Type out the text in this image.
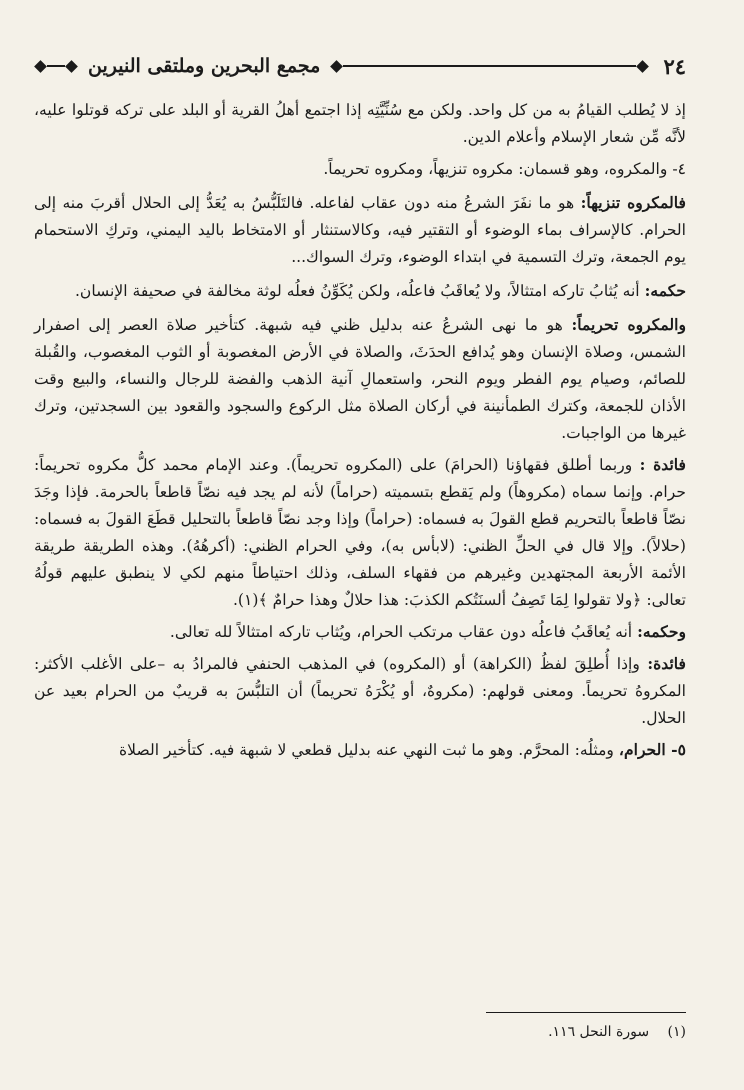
٢٤
مجمع البحرين وملتقى النيرين

إذ لا يُطلب القيامُ به من كل واحد. ولكن مع سُنِّيَّتِه إذا اجتمع أهلُ القرية أو البلد على تركه قوتلوا عليه، لأنَّه مِّن شعار الإسلام وأعلام الدين.

٤- والمكروه، وهو قسمان: مكروه تنزيهاً، ومكروه تحريماً.

فالمكروه تنزيهاً: هو ما نفَرَ الشرعُ منه دون عقاب لفاعله. فالتَلَبُّسُ به يُعَدُّ إلى الحلال أقربَ منه إلى الحرام. كالإسراف بماء الوضوء أو التقتير فيه، وكالاستنثار أو الامتخاط باليد اليمني، وتركِ الاستحمام يوم الجمعة، وترك التسمية في ابتداء الوضوء، وترك السواك...

حكمه: أنه يُثابُ تاركه امتثالاً، ولا يُعاقَبُ فاعلُه، ولكن يُكَوِّنُ فعلُه لوثة مخالفة في صحيفة الإنسان.

والمكروه تحريماً: هو ما نهى الشرعُ عنه بدليل ظني فيه شبهة. كتأخير صلاة العصر إلى اصفرار الشمس، وصلاة الإنسان وهو يُدافع الحدَثَ، والصلاة في الأرض المغصوبة أو الثوب المغصوب، والقُبلة للصائم، وصيام يوم الفطر ويوم النحر، واستعمالِ آنية الذهب والفضة للرجال والنساء، والبيع وقت الأذان للجمعة، وكترك الطمأنينة في أركان الصلاة مثل الركوع والسجود والقعود بين السجدتين، وترك غيرها من الواجبات.

فائدة : وربما أطلق فقهاؤنا (الحرامَ) على (المكروه تحريماً). وعند الإمام محمد كلُّ مكروه تحريماً: حرام. وإنما سماه (مكروهاً) ولم يَقطع بتسميته (حراماً) لأنه لم يجد فيه نصّاً قاطعاً بالحرمة. فإذا وجَدَ نصّاً قاطعاً بالتحريم قطع القولَ به فسماه: (حراماً) وإذا وجد نصّاً قاطعاً بالتحليل قطَعَ القولَ به فسماه: (حلالاً). وإلا قال في الحلِّ الظني: (لابأس به)، وفي الحرام الظني: (أكرهُهُ). وهذه الطريقة طريقة الأئمة الأربعة المجتهدين وغيرهم من فقهاء السلف، وذلك احتياطاً منهم لكي لا ينطبق عليهم قولُهُ تعالى: ﴿ولا تقولوا لِمَا تَصِفُ ألسنَتُكم الكذبَ: هذا حلالٌ وهذا حرامٌ ﴾(١).

وحكمه: أنه يُعاقَبُ فاعلُه دون عقاب مرتكب الحرام، ويُثاب تاركه امتثالاً لله تعالى.

فائدة: وإذا أُطلِقَ لفظُ (الكراهة) أو (المكروه) في المذهب الحنفي فالمرادُ به –على الأغلب الأكثر: المكروهُ تحريماً. ومعنى قولهم: (مكروهٌ، أو يُكْرَهُ تحريماً) أن التلبُّسَ به قريبٌ من الحرام بعيد عن الحلال.

٥- الحرام، ومثلُه: المحرَّم. وهو ما ثبت النهي عنه بدليل قطعي لا شبهة فيه. كتأخير الصلاة

(١) سورة النحل ١١٦.
